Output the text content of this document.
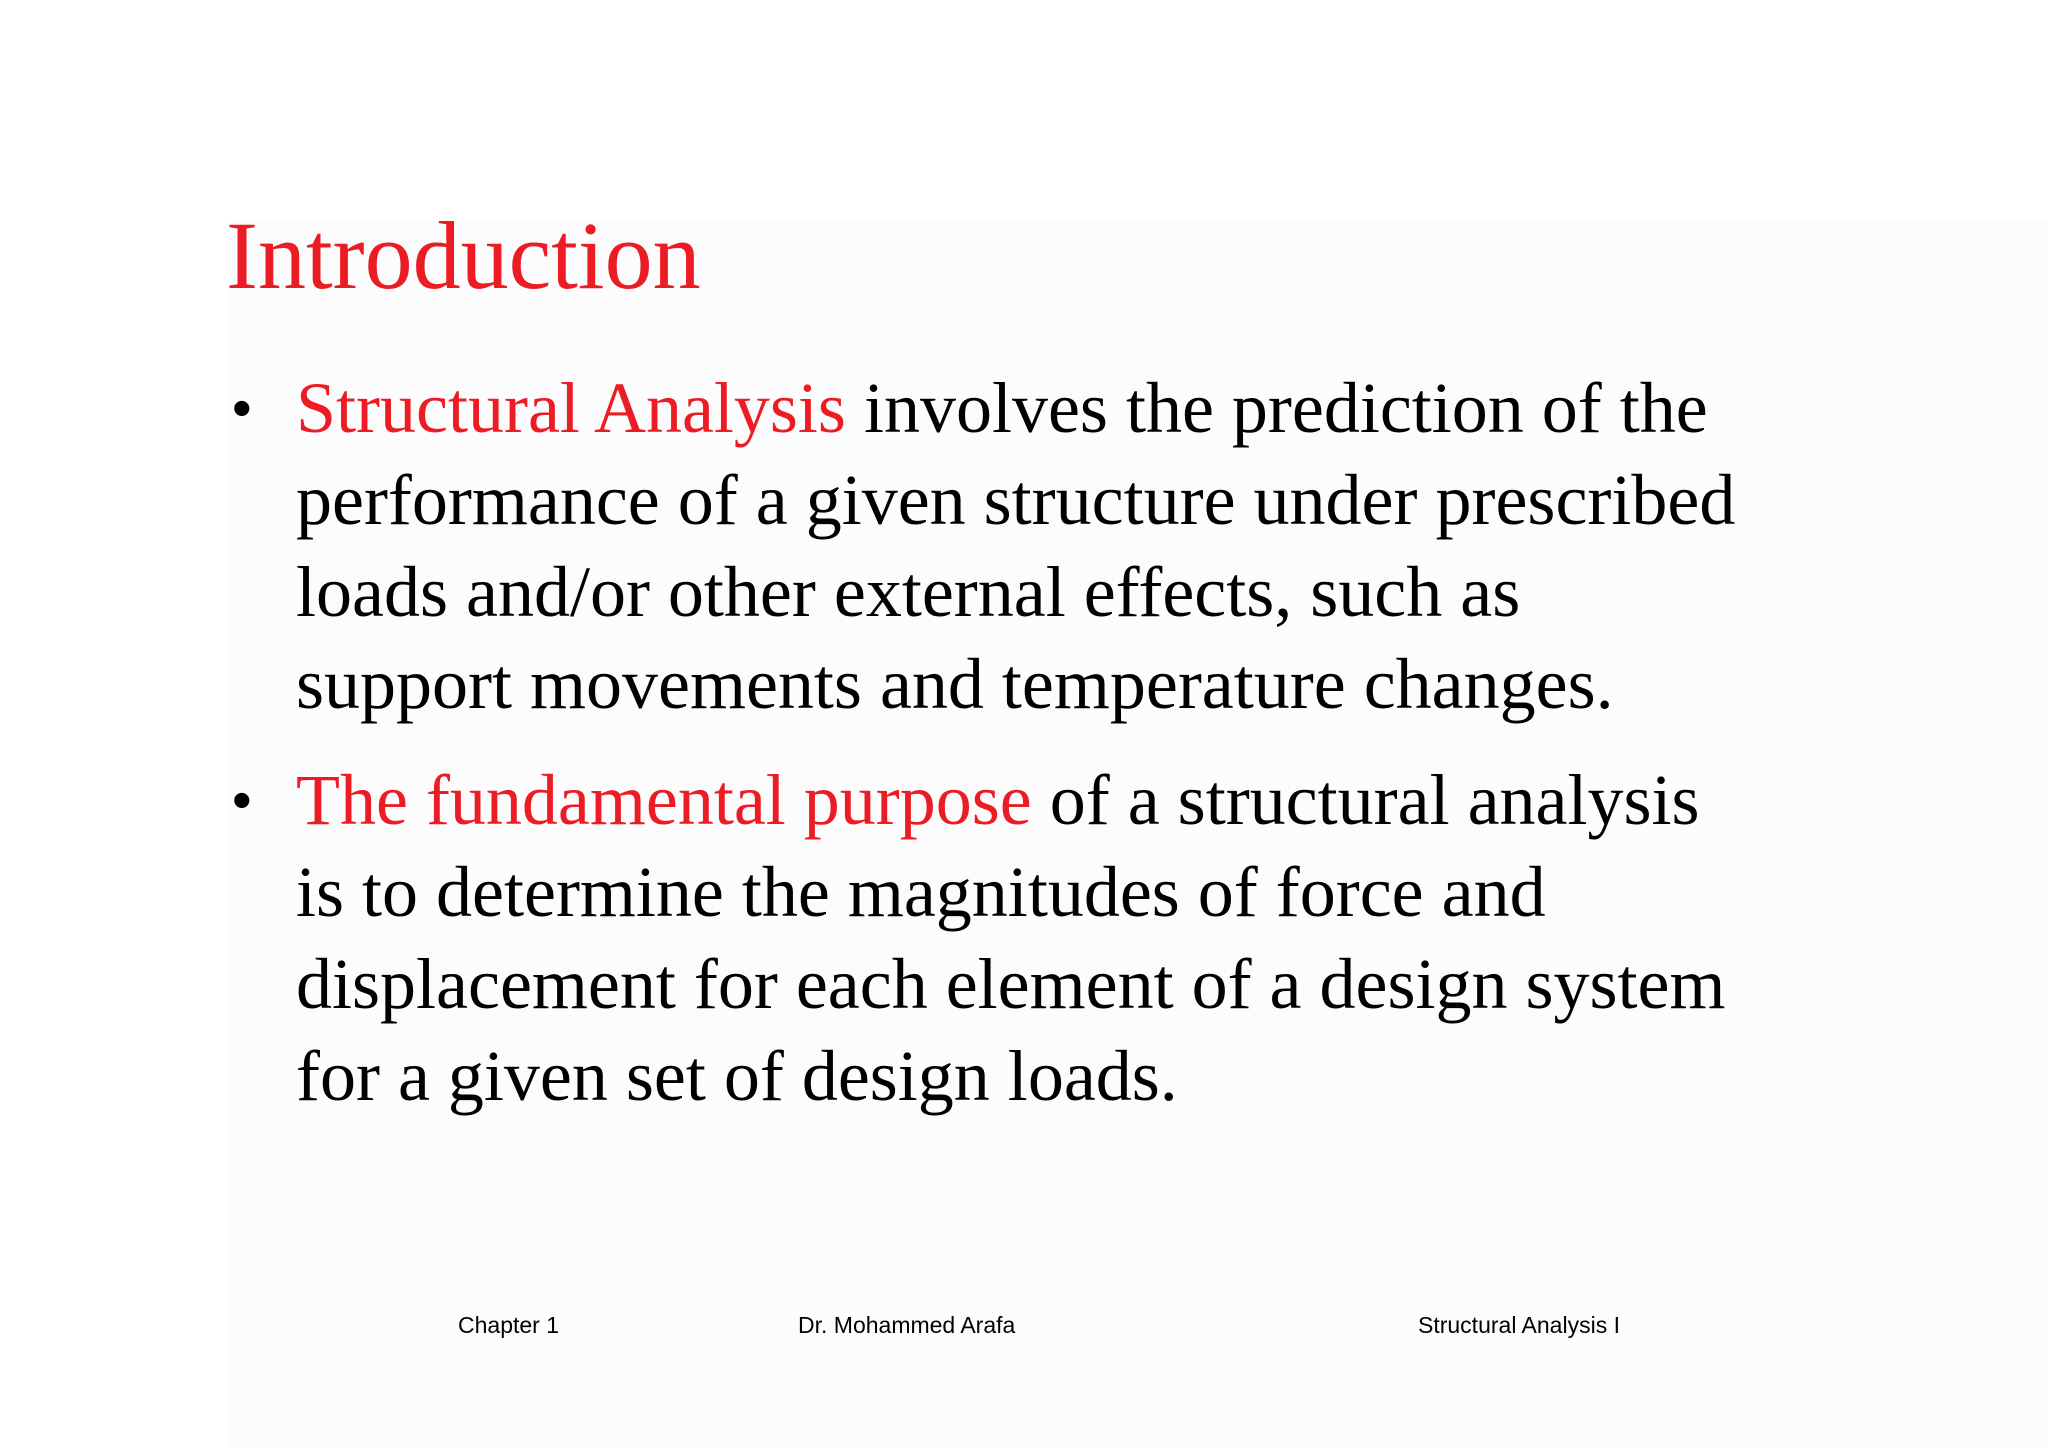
Introduction
• Structural Analysis involves the prediction of the
performance of a given structure under prescribed
loads and/or other external effects, such as
support movements and temperature changes.
• The fundamental purpose of a structural analysis
is to determine the magnitudes of force and
displacement for each element of a design system
for a given set of design loads.
Chapter 1	Dr. Mohammed Arafa	Structural Analysis I
